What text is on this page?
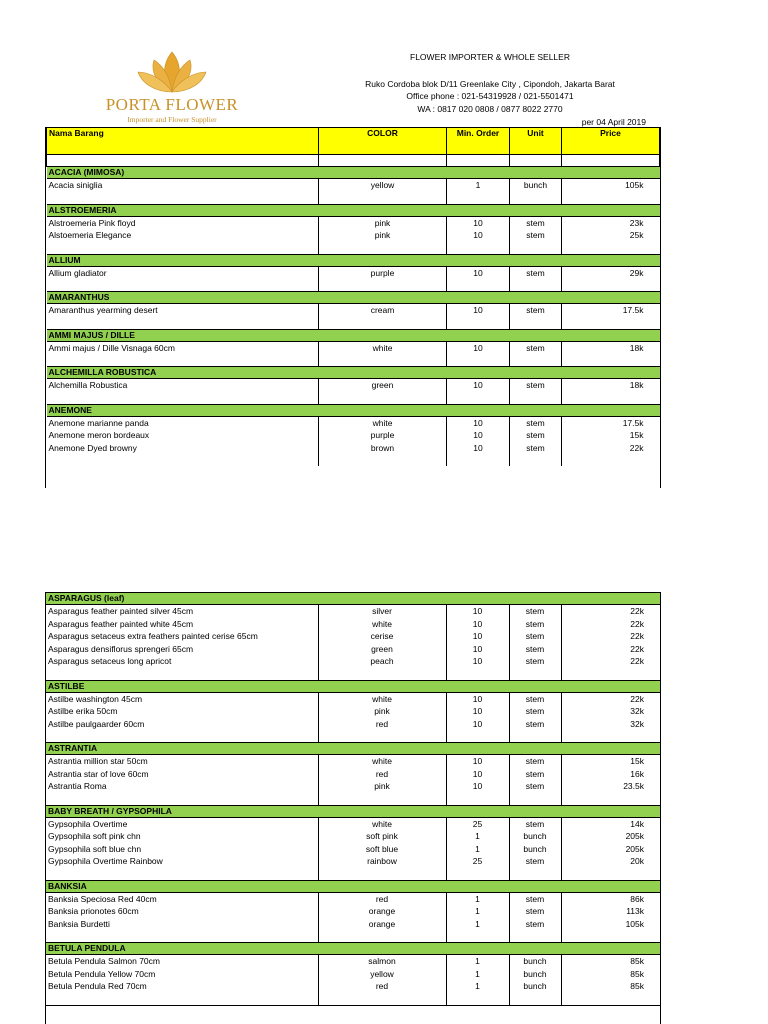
PORTA FLOWER
Importer and Flower Supplier
FLOWER IMPORTER & WHOLE SELLER
Ruko Cordoba blok D/11 Greenlake City , Cipondoh, Jakarta Barat
Office phone : 021-54319928 / 021-5501471
WA : 0817 020 0808 / 0877 8022 2770
per 04 April 2019
Nama Barang	COLOR	Min. Order	Unit	Price

ACACIA (MIMOSA)				
Acacia siniglia	yellow	1	bunch	105k

ALSTROEMERIA				
Alstroemeria Pink floyd	pink	10	stem	23k
Alstoemeria Elegance	pink	10	stem	25k

ALLIUM				
Allium gladiator	purple	10	stem	29k

AMARANTHUS				
Amaranthus yearming desert	cream	10	stem	17.5k

AMMI MAJUS / DILLE				
Ammi majus / Dille Visnaga 60cm	white	10	stem	18k

ALCHEMILLA ROBUSTICA				
Alchemilla Robustica	green	10	stem	18k

ANEMONE				
Anemone marianne panda	white	10	stem	17.5k
Anemone meron bordeaux	purple	10	stem	15k
Anemone Dyed browny	brown	10	stem	22k

ASPARAGUS (leaf)				
Asparagus feather painted silver 45cm	silver	10	stem	22k
Asparagus feather painted white 45cm	white	10	stem	22k
Asparagus setaceus extra feathers painted cerise 65cm	cerise	10	stem	22k
Asparagus densiflorus sprengeri 65cm	green	10	stem	22k
Asparagus setaceus long apricot	peach	10	stem	22k

ASTILBE				
Astilbe washington 45cm	white	10	stem	22k
Astilbe erika 50cm	pink	10	stem	32k
Astilbe paulgaarder 60cm	red	10	stem	32k

ASTRANTIA				
Astrantia million star 50cm	white	10	stem	15k
Astrantia star of love 60cm	red	10	stem	16k
Astrantia Roma	pink	10	stem	23.5k

BABY BREATH / GYPSOPHILA				
Gypsophila Overtime	white	25	stem	14k
Gypsophila soft pink chn	soft pink	1	bunch	205k
Gypsophila soft blue chn	soft blue	1	bunch	205k
Gypsophila Overtime Rainbow	rainbow	25	stem	20k

BANKSIA				
Banksia Speciosa Red 40cm	red	1	stem	86k
Banksia prionotes 60cm	orange	1	stem	113k
Banksia Burdetti	orange	1	stem	105k

BETULA PENDULA				
Betula Pendula Salmon 70cm	salmon	1	bunch	85k
Betula Pendula Yellow 70cm	yellow	1	bunch	85k
Betula Pendula Red 70cm	red	1	bunch	85k
